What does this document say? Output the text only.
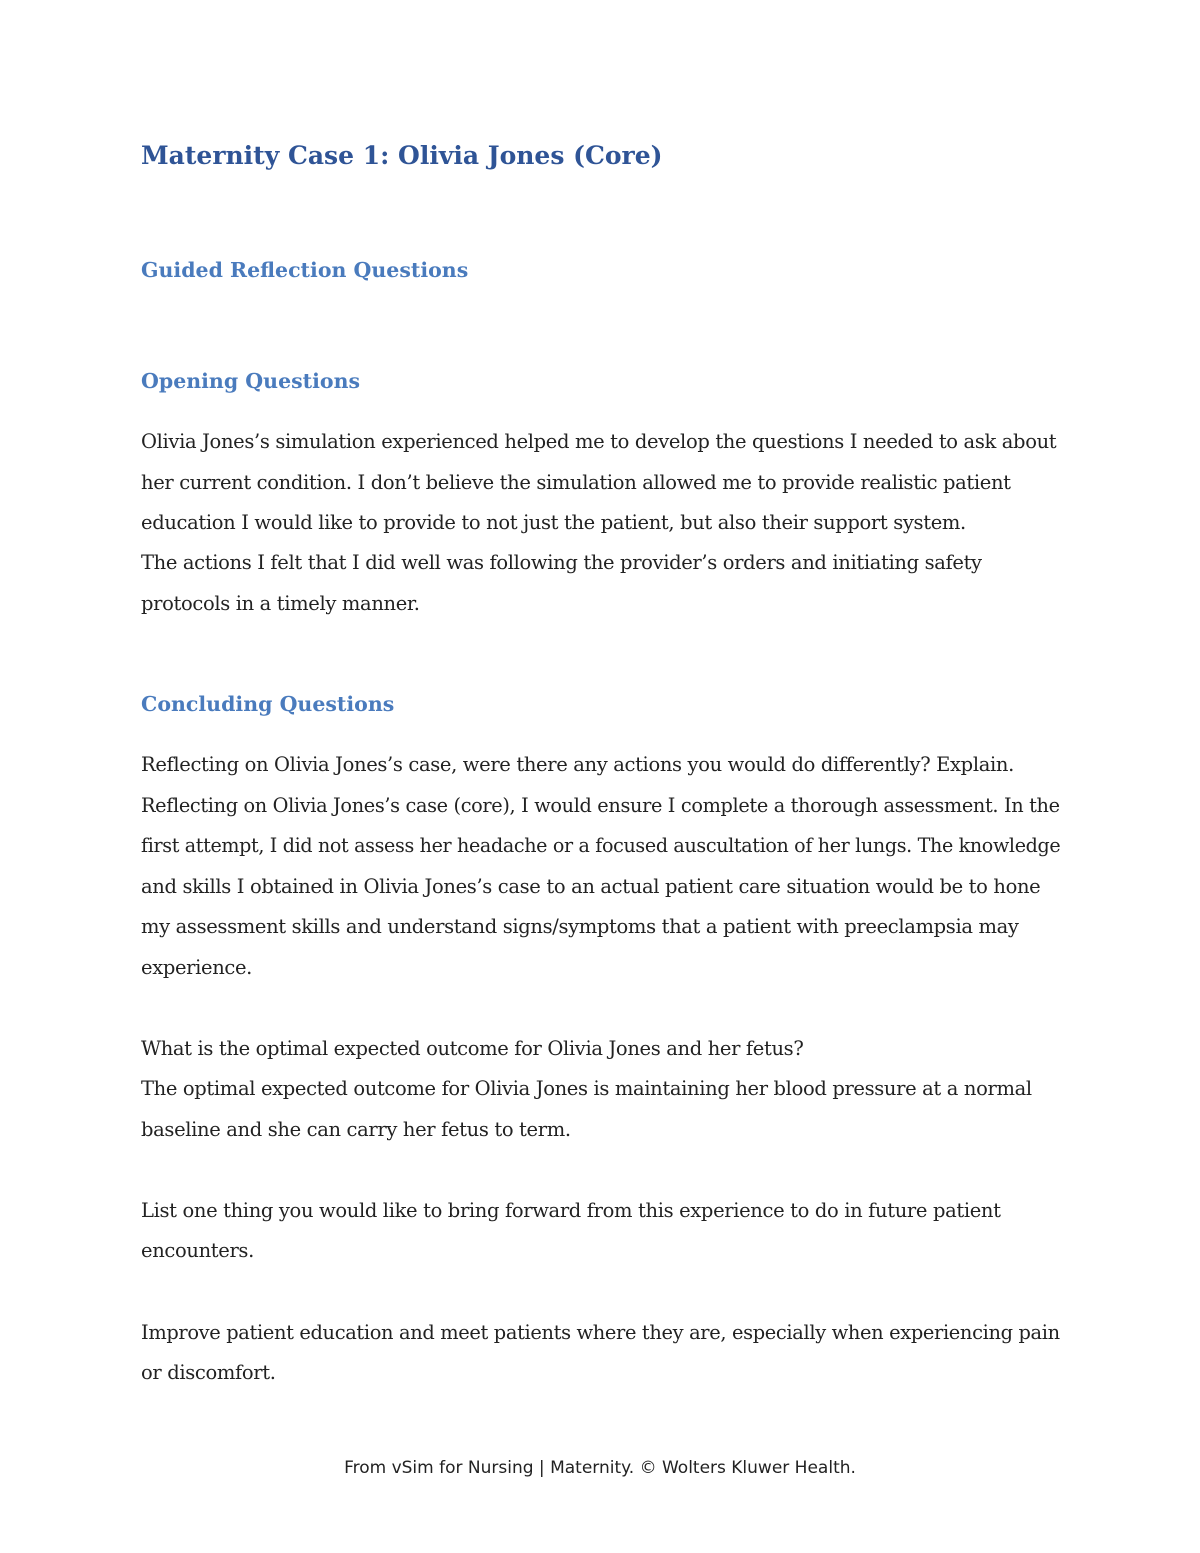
Maternity Case 1: Olivia Jones (Core)
Guided Reflection Questions
Opening Questions

Olivia Jones’s simulation experienced helped me to develop the questions I needed to ask about

her current condition. I don’t believe the simulation allowed me to provide realistic patient

education I would like to provide to not just the patient, but also their support system.

The actions I felt that I did well was following the provider’s orders and initiating safety

protocols in a timely manner.

Concluding Questions

Reflecting on Olivia Jones’s case, were there any actions you would do differently? Explain.

Reflecting on Olivia Jones’s case (core), I would ensure I complete a thorough assessment. In the

first attempt, I did not assess her headache or a focused auscultation of her lungs. The knowledge

and skills I obtained in Olivia Jones’s case to an actual patient care situation would be to hone

my assessment skills and understand signs/symptoms that a patient with preeclampsia may

experience.

What is the optimal expected outcome for Olivia Jones and her fetus?

The optimal expected outcome for Olivia Jones is maintaining her blood pressure at a normal

baseline and she can carry her fetus to term.

List one thing you would like to bring forward from this experience to do in future patient

encounters.

Improve patient education and meet patients where they are, especially when experiencing pain

or discomfort.

From vSim for Nursing | Maternity. © Wolters Kluwer Health.
